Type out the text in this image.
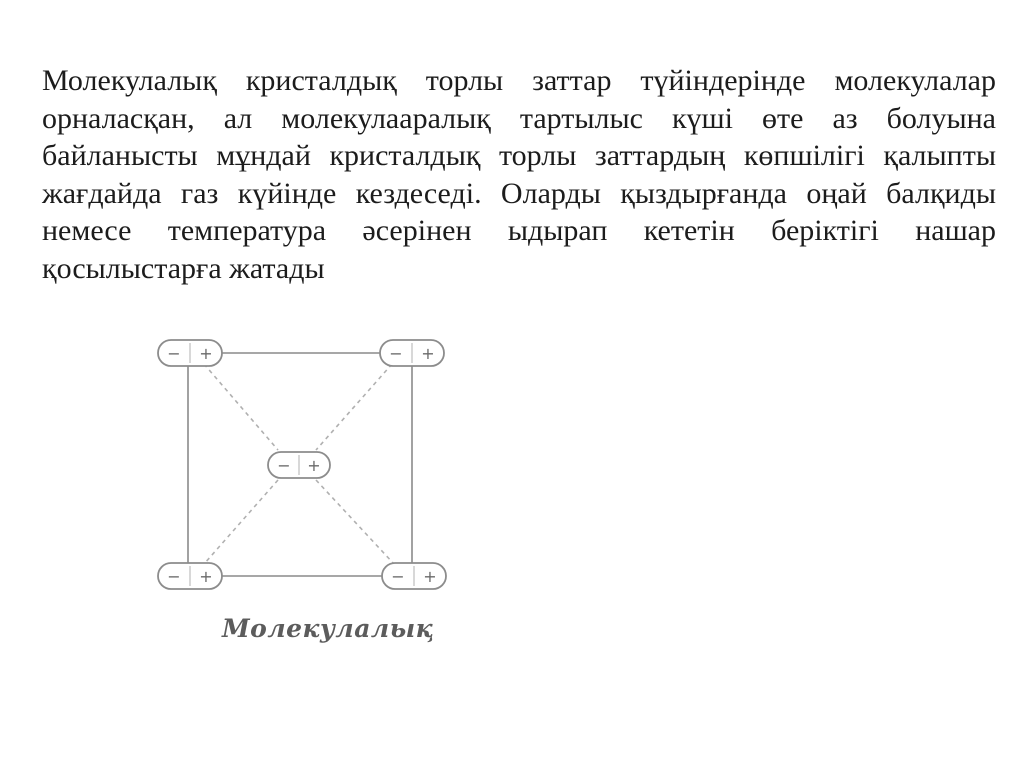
Молекулалық кристалдық торлы заттар түйіндерінде молекулалар орналасқан, ал молекулааралық тартылыс күші өте аз болуына байланысты мұндай кристалдық торлы заттардың көпшілігі қалыпты жағдайда газ күйінде кездеседі. Оларды қыздырғанда оңай балқиды немесе температура әсерінен ыдырап кететін беріктігі нашар қосылыстарға жатады

− +	− +
− +
− +	− +
Молекулалық
